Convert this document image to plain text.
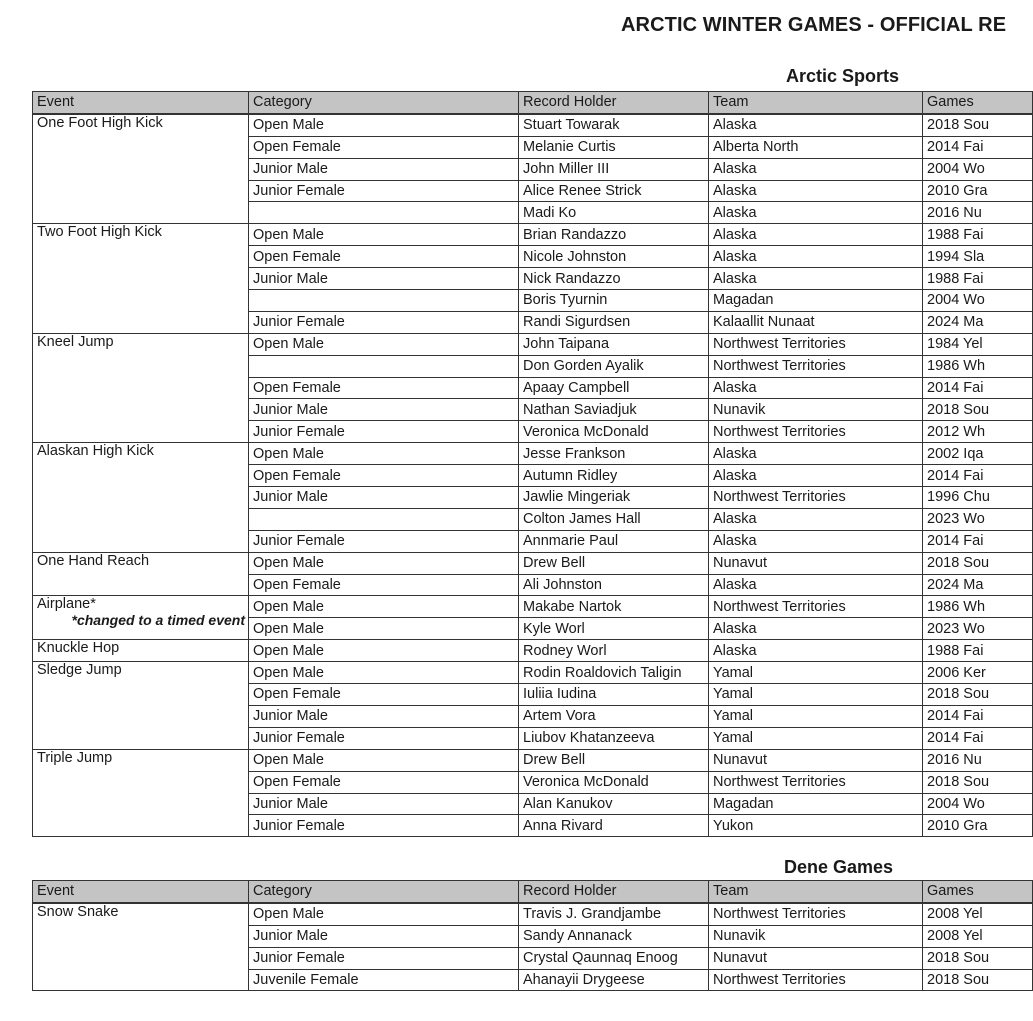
ARCTIC WINTER GAMES - OFFICIAL RE
Arctic Sports
Event	Category	Record Holder	Team	Games
One Foot High Kick	Open Male	Stuart Towarak	Alaska	2018 Sou
	Open Female	Melanie Curtis	Alberta North	2014 Fai
	Junior Male	John Miller III	Alaska	2004 Wo
	Junior Female	Alice Renee Strick	Alaska	2010 Gra
		Madi Ko	Alaska	2016 Nu
Two Foot High Kick	Open Male	Brian Randazzo	Alaska	1988 Fai
	Open Female	Nicole Johnston	Alaska	1994 Sla
	Junior Male	Nick Randazzo	Alaska	1988 Fai
		Boris Tyurnin	Magadan	2004 Wo
	Junior Female	Randi Sigurdsen	Kalaallit Nunaat	2024 Ma
Kneel Jump	Open Male	John Taipana	Northwest Territories	1984 Yel
		Don Gorden Ayalik	Northwest Territories	1986 Wh
	Open Female	Apaay Campbell	Alaska	2014 Fai
	Junior Male	Nathan Saviadjuk	Nunavik	2018 Sou
	Junior Female	Veronica McDonald	Northwest Territories	2012 Wh
Alaskan High Kick	Open Male	Jesse Frankson	Alaska	2002 Iqa
	Open Female	Autumn Ridley	Alaska	2014 Fai
	Junior Male	Jawlie Mingeriak	Northwest Territories	1996 Chu
		Colton James Hall	Alaska	2023 Wo
	Junior Female	Annmarie Paul	Alaska	2014 Fai
One Hand Reach	Open Male	Drew Bell	Nunavut	2018 Sou
	Open Female	Ali Johnston	Alaska	2024 Ma
Airplane*
*changed to a timed event	Open Male	Makabe Nartok	Northwest Territories	1986 Wh
	Open Male	Kyle Worl	Alaska	2023 Wo
Knuckle Hop	Open Male	Rodney Worl	Alaska	1988 Fai
Sledge Jump	Open Male	Rodin Roaldovich Taligin	Yamal	2006 Ker
	Open Female	Iuliia Iudina	Yamal	2018 Sou
	Junior Male	Artem Vora	Yamal	2014 Fai
	Junior Female	Liubov Khatanzeeva	Yamal	2014 Fai
Triple Jump	Open Male	Drew Bell	Nunavut	2016 Nu
	Open Female	Veronica McDonald	Northwest Territories	2018 Sou
	Junior Male	Alan Kanukov	Magadan	2004 Wo
	Junior Female	Anna Rivard	Yukon	2010 Gra
Dene Games
Event	Category	Record Holder	Team	Games
Snow Snake	Open Male	Travis J. Grandjambe	Northwest Territories	2008 Yel
	Junior Male	Sandy Annanack	Nunavik	2008 Yel
	Junior Female	Crystal Qaunnaq Enoog	Nunavut	2018 Sou
	Juvenile Female	Ahanayii Drygeese	Northwest Territories	2018 Sou
